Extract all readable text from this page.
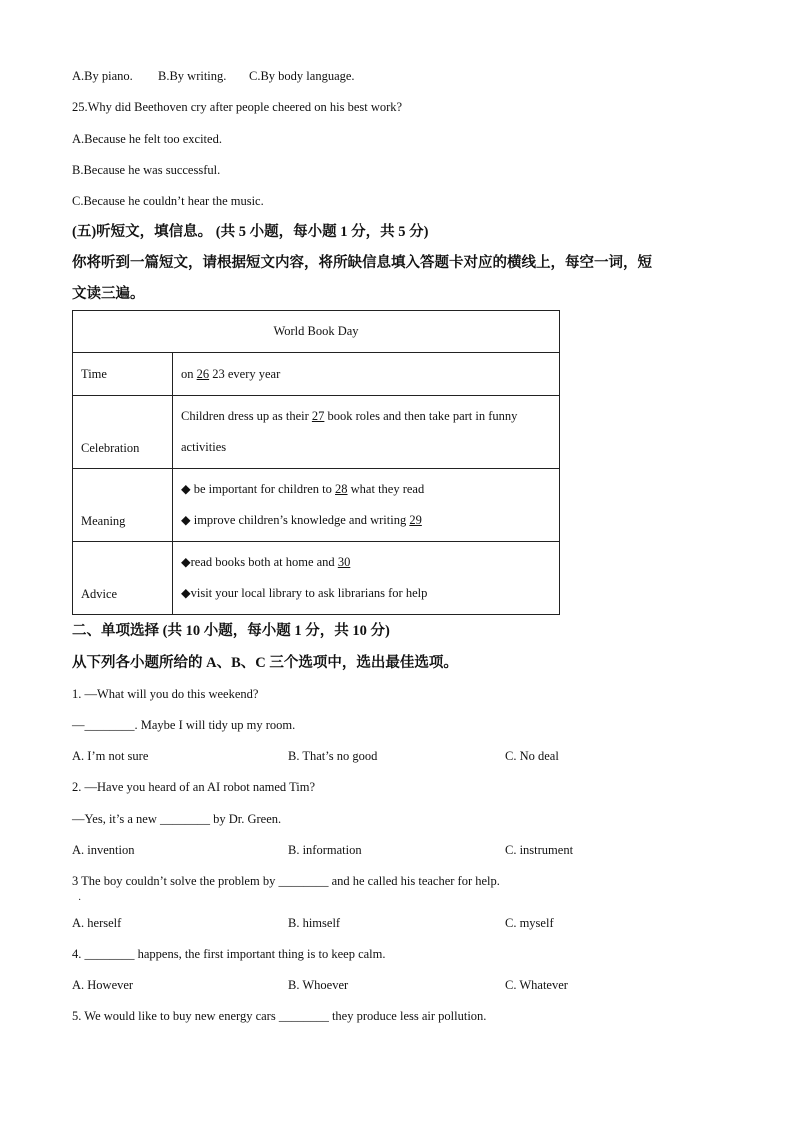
A.By piano. B.By writing. C.By body language.
25.Why did Beethoven cry after people cheered on his best work?
A.Because he felt too excited.
B.Because he was successful.
C.Because he couldn’t hear the music.
(五)听短文，填信息。 (共 5 小题，每小题 1 分，共 5 分)
你将听到一篇短文，请根据短文内容，将所缺信息填入答题卡对应的横线上，每空一词，短
文读三遍。
World Book Day	
Time	on 26 23 every year
Celebration	Children dress up as their 27 book roles and then take part in funny
activities

Meaning	◆ be important for children to 28 what they read
◆ improve children’s knowledge and writing 29

Advice	◆read books both at home and 30
◆visit your local library to ask librarians for help
二、单项选择 (共 10 小题，每小题 1 分，共 10 分)
从下列各小题所给的 A、B、C 三个选项中，选出最佳选项。
1. —What will you do this weekend?
—________. Maybe I will tidy up my room.
A. I’m not sure	B. That’s no good	C. No deal
2. —Have you heard of an AI robot named Tim?
—Yes, it’s a new ________ by Dr. Green.
A. invention	B. information	C. instrument
3 The boy couldn’t solve the problem by ________ and he called his teacher for help.
·
A. herself	B. himself	C. myself
4. ________ happens, the first important thing is to keep calm.
A. However	B. Whoever	C. Whatever
5. We would like to buy new energy cars ________ they produce less air pollution.
